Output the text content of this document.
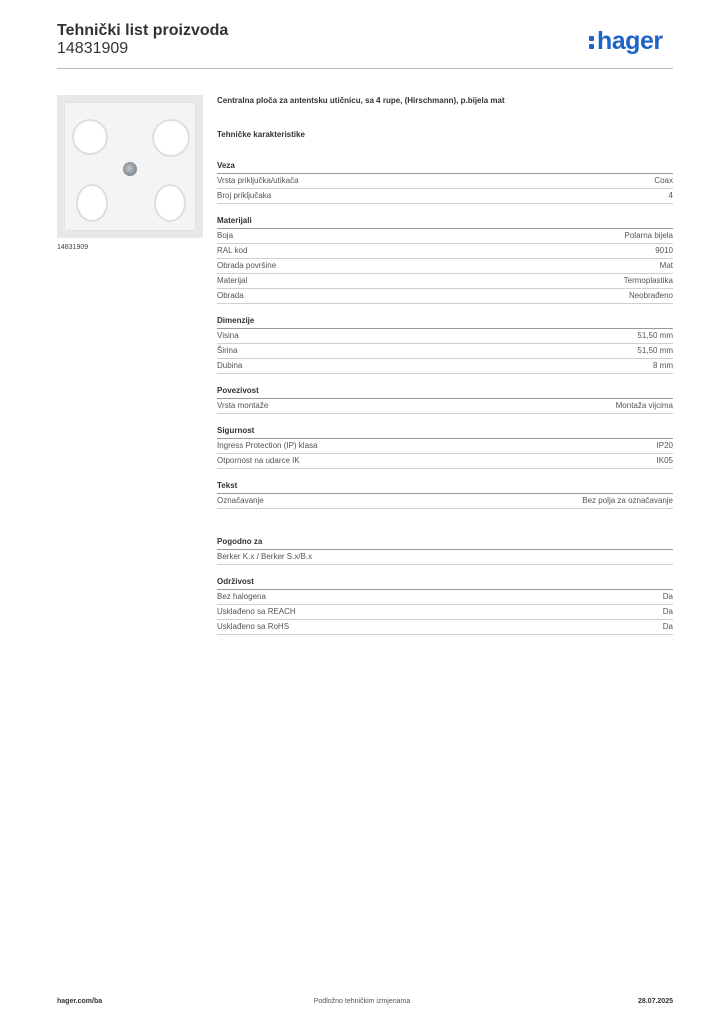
Tehnički list proizvoda
14831909	hager
14831909
Centralna ploča za antentsku utičnicu, sa 4 rupe, (Hirschmann), p.bijela mat
Tehničke karakteristike
Veza
Vrsta priključka/utikača	Coax
Broj priključaka	4
Materijali
Boja	Polarna bijela
RAL kod	9010
Obrada površine	Mat
Materijal	Termoplastika
Obrada	Neobrađeno
Dimenzije
Visina	51,50 mm
Širina	51,50 mm
Dubina	8 mm
Povezivost
Vrsta montaže	Montaža vijcima
Sigurnost
Ingress Protection (IP) klasa	IP20
Otpornost na udarce IK	IK05
Tekst
Označavanje	Bez polja za označavanje
Pogodno za
Berker K.x / Berker S.x/B.x
Održivost
Bez halogena	Da
Usklađeno sa REACH	Da
Usklađeno sa RoHS	Da
hager.com/ba	Podložno tehničkim izmjenama	28.07.2025
